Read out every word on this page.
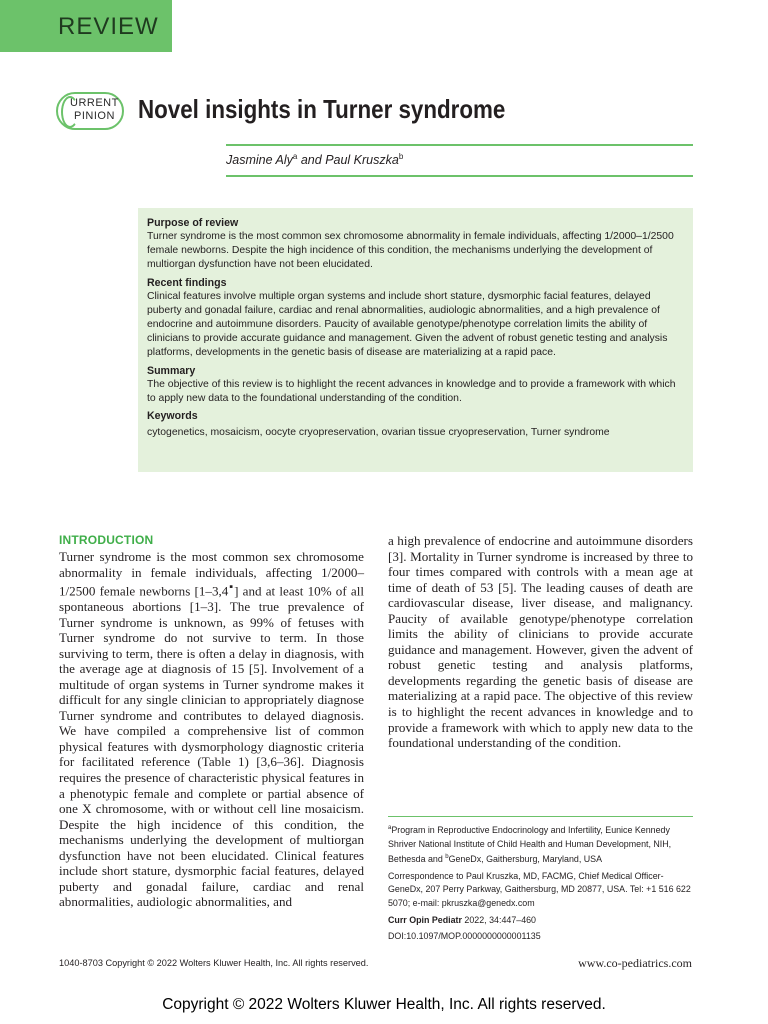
REVIEW
URRENT
PINION Novel insights in Turner syndrome
Jasmine Aly$^a$ and Paul Kruszka$^b$
Purpose of review

Turner syndrome is the most common sex chromosome abnormality in female individuals, affecting 1/2000–1/2500 female newborns. Despite the high incidence of this condition, the mechanisms underlying the development of multiorgan dysfunction have not been elucidated.

Recent findings

Clinical features involve multiple organ systems and include short stature, dysmorphic facial features, delayed puberty and gonadal failure, cardiac and renal abnormalities, audiologic abnormalities, and a high prevalence of endocrine and autoimmune disorders. Paucity of available genotype/phenotype correlation limits the ability of clinicians to provide accurate guidance and management. Given the advent of robust genetic testing and analysis platforms, developments in the genetic basis of disease are materializing at a rapid pace.

Summary

The objective of this review is to highlight the recent advances in knowledge and to provide a framework with which to apply new data to the foundational understanding of the condition.

Keywords

cytogenetics, mosaicism, oocyte cryopreservation, ovarian tissue cryopreservation, Turner syndrome

INTRODUCTION

Turner syndrome is the most common sex chromosome abnormality in female individuals, affecting 1/2000–1/2500 female newborns [1–3,4▪] and at least 10% of all spontaneous abortions [1–3]. The true prevalence of Turner syndrome is unknown, as 99% of fetuses with Turner syndrome do not survive to term. In those surviving to term, there is often a delay in diagnosis, with the average age at diagnosis of 15 [5]. Involvement of a multitude of organ systems in Turner syndrome makes it difficult for any single clinician to appropriately diagnose Turner syndrome and contributes to delayed diagnosis. We have compiled a comprehensive list of common physical features with dysmorphology diagnostic criteria for facilitated reference (Table 1) [3,6–36]. Diagnosis requires the presence of characteristic physical features in a phenotypic female and complete or partial absence of one X chromosome, with or without cell line mosaicism. Despite the high incidence of this condition, the mechanisms underlying the development of multiorgan dysfunction have not been elucidated. Clinical features include short stature, dysmorphic facial features, delayed puberty and gonadal failure, cardiac and renal abnormalities, audiologic abnormalities, and

a high prevalence of endocrine and autoimmune disorders [3]. Mortality in Turner syndrome is increased by three to four times compared with controls with a mean age at time of death of 53 [5]. The leading causes of death are cardiovascular disease, liver disease, and malignancy. Paucity of available genotype/phenotype correlation limits the ability of clinicians to provide accurate guidance and management. However, given the advent of robust genetic testing and analysis platforms, developments regarding the genetic basis of disease are materializing at a rapid pace. The objective of this review is to highlight the recent advances in knowledge and to provide a framework with which to apply new data to the foundational understanding of the condition.

$^a$Program in Reproductive Endocrinology and Infertility, Eunice Kennedy Shriver National Institute of Child Health and Human Development, NIH, Bethesda and $^b$GeneDx, Gaithersburg, Maryland, USA

Correspondence to Paul Kruszka, MD, FACMG, Chief Medical Officer-GeneDx, 207 Perry Parkway, Gaithersburg, MD 20877, USA. Tel: +1 516 622 5070; e-mail: pkruszka@genedx.com

Curr Opin Pediatr 2022, 34:447–460

DOI:10.1097/MOP.0000000000001135

1040-8703 Copyright © 2022 Wolters Kluwer Health, Inc. All rights reserved.	www.co-pediatrics.com
Copyright © 2022 Wolters Kluwer Health, Inc. All rights reserved.
